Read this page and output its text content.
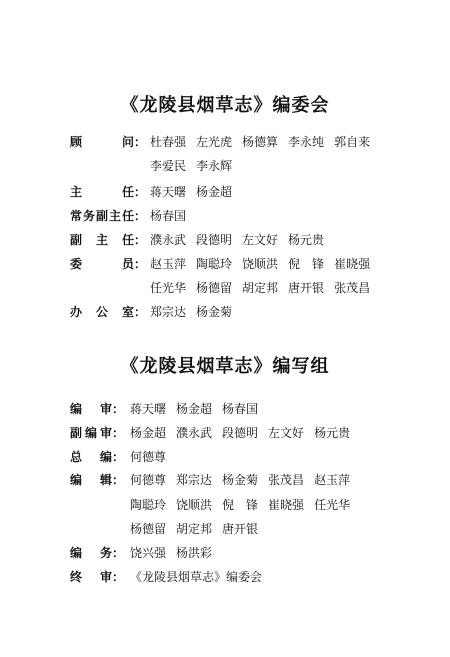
《龙陵县烟草志》编委会
顾问 ： 杜春强 左光虎 杨德算 李永纯 郭自来
李爱民 李永辉
主任 ： 蒋天曙 杨金超
常务副主任 ： 杨春国
副主任 ： 濮永武 段德明 左文好 杨元贵
委员 ： 赵玉萍 陶聪玲 饶顺洪 倪　锋 崔晓强
任光华 杨德留 胡定邦 唐开银 张茂昌
办公室 ： 郑宗达 杨金菊
《龙陵县烟草志》编写组
编审 ： 蒋天曙 杨金超 杨春国
副编审 ： 杨金超 濮永武 段德明 左文好 杨元贵
总编 ： 何德尊
编辑 ： 何德尊 郑宗达 杨金菊 张茂昌 赵玉萍
陶聪玲 饶顺洪 倪　锋 崔晓强 任光华
杨德留 胡定邦 唐开银
编务 ： 饶兴强 杨洪彩
终审 ： 《龙陵县烟草志》编委会
